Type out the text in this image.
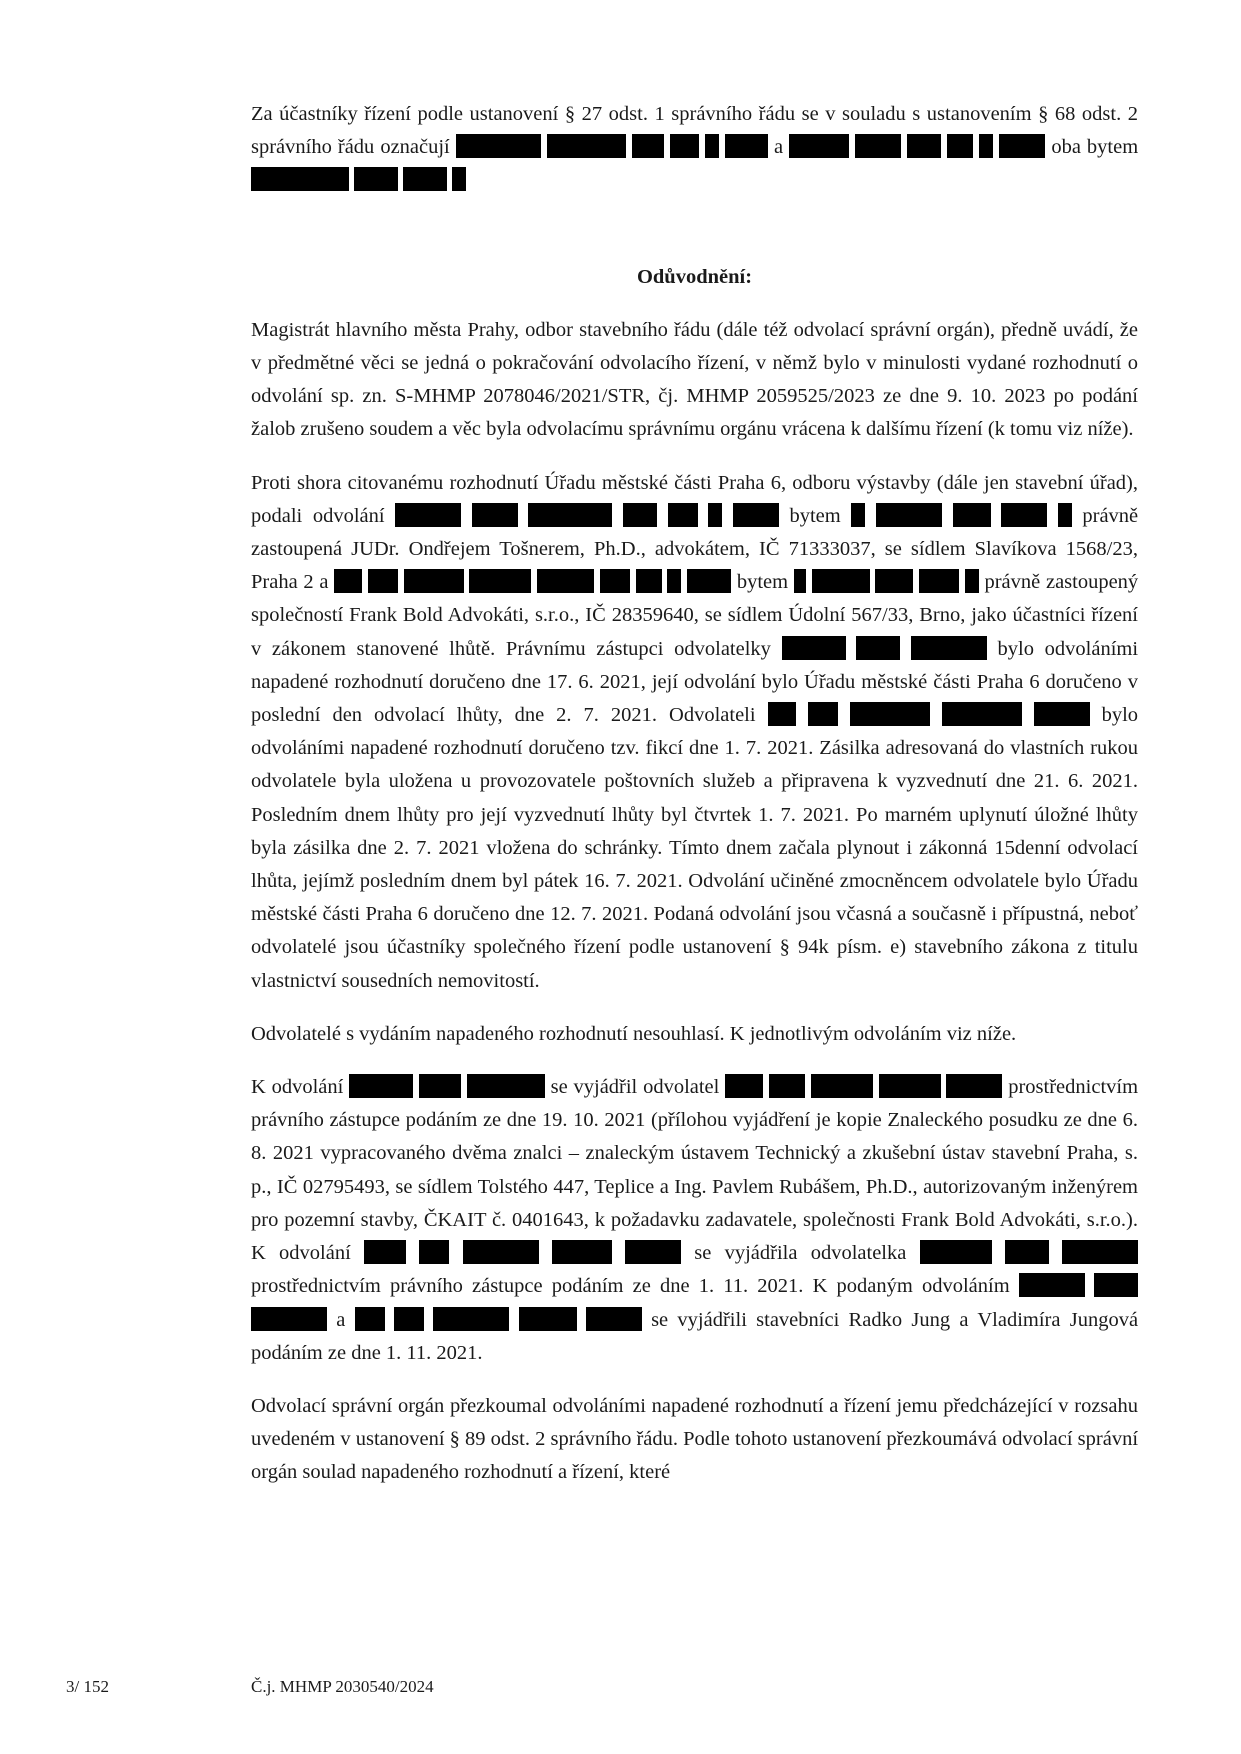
Za účastníky řízení podle ustanovení § 27 odst. 1 správního řádu se v souladu s ustanovením § 68 odst. 2 správního řádu označují	a	oba bytem

Odůvodnění:

Magistrát hlavního města Prahy, odbor stavebního řádu (dále též odvolací správní orgán), předně uvádí, že v předmětné věci se jedná o pokračování odvolacího řízení, v němž bylo v minulosti vydané rozhodnutí o odvolání sp. zn. S-MHMP 2078046/2021/STR, čj. MHMP 2059525/2023 ze dne 9. 10. 2023 po podání žalob zrušeno soudem a věc byla odvolacímu správnímu orgánu vrácena k dalšímu řízení (k tomu viz níže).

Proti shora citovanému rozhodnutí Úřadu městské části Praha 6, odboru výstavby (dále jen stavební úřad), podali odvolání	bytem	právně zastoupená JUDr. Ondřejem Tošnerem, Ph.D., advokátem, IČ 71333037, se sídlem Slavíkova 1568/23, Praha 2 a	bytem	právně zastoupený společností Frank Bold Advokáti, s.r.o., IČ 28359640, se sídlem Údolní 567/33, Brno, jako účastníci řízení v zákonem stanovené lhůtě. Právnímu zástupci odvolatelky	bylo odvoláními napadené rozhodnutí doručeno dne 17. 6. 2021, její odvolání bylo Úřadu městské části Praha 6 doručeno v poslední den odvolací lhůty, dne 2. 7. 2021. Odvolateli	bylo odvoláními napadené rozhodnutí doručeno tzv. fikcí dne 1. 7. 2021. Zásilka adresovaná do vlastních rukou odvolatele byla uložena u provozovatele poštovních služeb a připravena k vyzvednutí dne 21. 6. 2021. Posledním dnem lhůty pro její vyzvednutí lhůty byl čtvrtek 1. 7. 2021. Po marném uplynutí úložné lhůty byla zásilka dne 2. 7. 2021 vložena do schránky. Tímto dnem začala plynout i zákonná 15denní odvolací lhůta, jejímž posledním dnem byl pátek 16. 7. 2021. Odvolání učiněné zmocněncem odvolatele bylo Úřadu městské části Praha 6 doručeno dne 12. 7. 2021. Podaná odvolání jsou včasná a současně i přípustná, neboť odvolatelé jsou účastníky společného řízení podle ustanovení § 94k písm. e) stavebního zákona z titulu vlastnictví sousedních nemovitostí.

Odvolatelé s vydáním napadeného rozhodnutí nesouhlasí. K jednotlivým odvoláním viz níže.

K odvolání	se vyjádřil odvolatel	prostřednictvím právního zástupce podáním ze dne 19. 10. 2021 (přílohou vyjádření je kopie Znaleckého posudku ze dne 6. 8. 2021 vypracovaného dvěma znalci – znaleckým ústavem Technický a zkušební ústav stavební Praha, s. p., IČ 02795493, se sídlem Tolstého 447, Teplice a Ing. Pavlem Rubášem, Ph.D., autorizovaným inženýrem pro pozemní stavby, ČKAIT č. 0401643, k požadavku zadavatele, společnosti Frank Bold Advokáti, s.r.o.). K odvolání	se vyjádřila odvolatelka    prostřednictvím právního zástupce podáním ze dne 1. 11. 2021. K podaným odvoláním    a	se vyjádřili stavebníci Radko Jung a Vladimíra Jungová podáním ze dne 1. 11. 2021.

Odvolací správní orgán přezkoumal odvoláními napadené rozhodnutí a řízení jemu předcházející v rozsahu uvedeném v ustanovení § 89 odst. 2 správního řádu. Podle tohoto ustanovení přezkoumává odvolací správní orgán soulad napadeného rozhodnutí a řízení, které

3/ 152	Č.j. MHMP 2030540/2024
